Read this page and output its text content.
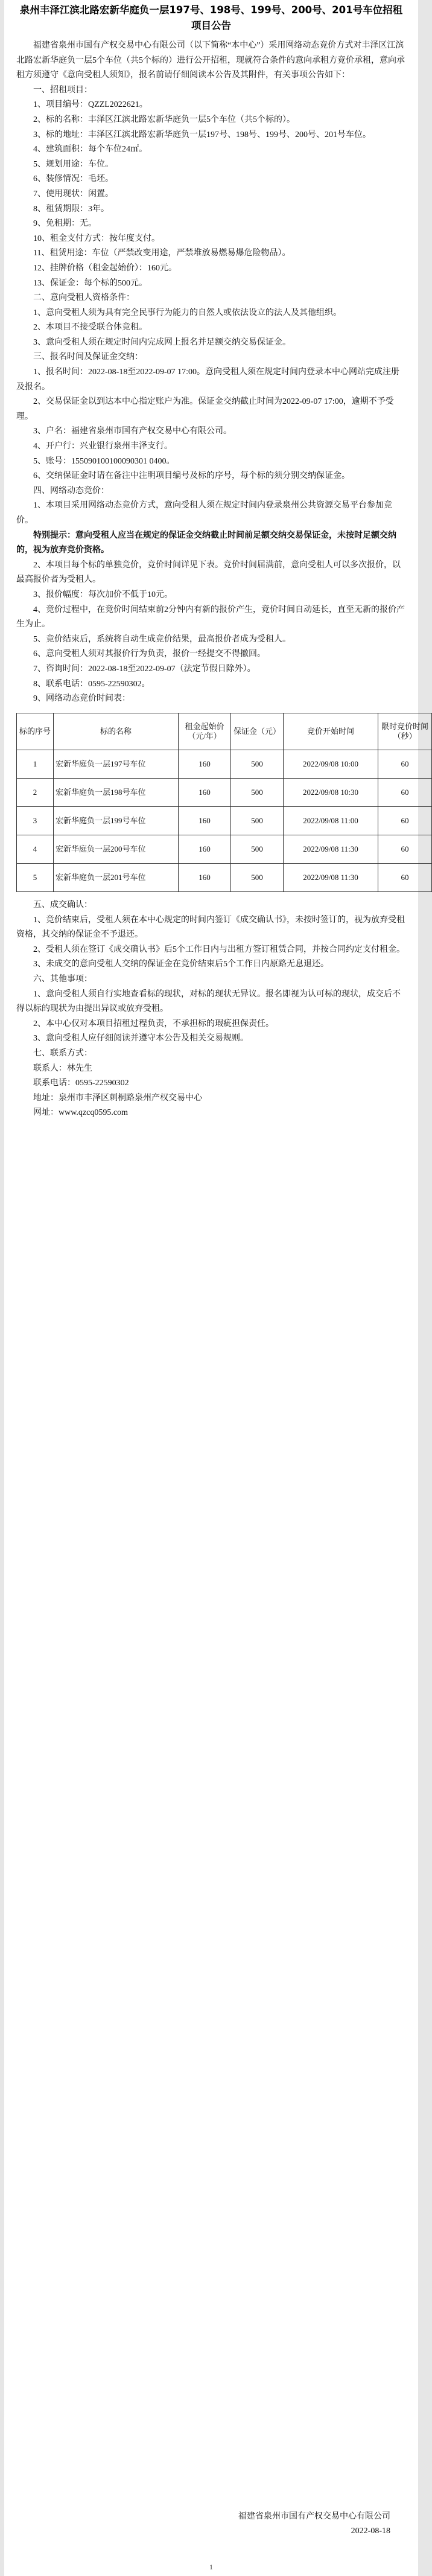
泉州丰泽江滨北路宏新华庭负一层197号、198号、199号、200号、201号车位招租项目公告

福建省泉州市国有产权交易中心有限公司（以下简称“本中心”）采用网络动态竞价方式对丰泽区江滨北路宏新华庭负一层5个车位（共5个标的）进行公开招租，现就符合条件的意向承租方竞价承租，意向承租方须遵守《意向受租人须知》，报名前请仔细阅读本公告及其附件，有关事项公告如下：

一、招租项目：

1、项目编号：QZZL2022621。

2、标的名称：丰泽区江滨北路宏新华庭负一层5个车位（共5个标的）。

3、标的地址：丰泽区江滨北路宏新华庭负一层197号、198号、199号、200号、201号车位。

4、建筑面积：每个车位24㎡。

5、规划用途：车位。

6、装修情况：毛坯。

7、使用现状：闲置。

8、租赁期限：3年。

9、免租期：无。

10、租金支付方式：按年度支付。

11、租赁用途：车位（严禁改变用途，严禁堆放易燃易爆危险物品）。

12、挂牌价格（租金起始价）：160元。

13、保证金：每个标的500元。

二、意向受租人资格条件：

1、意向受租人须为具有完全民事行为能力的自然人或依法设立的法人及其他组织。

2、本项目不接受联合体竞租。

3、意向受租人须在规定时间内完成网上报名并足额交纳交易保证金。

三、报名时间及保证金交纳：

1、报名时间：2022-08-18至2022-09-07 17:00。意向受租人须在规定时间内登录本中心网站完成注册及报名。

2、交易保证金以到达本中心指定账户为准。保证金交纳截止时间为2022-09-07 17:00，逾期不予受理。

3、户名：福建省泉州市国有产权交易中心有限公司。

4、开户行：兴业银行泉州丰泽支行。

5、账号：155090100100090301 0400。

6、交纳保证金时请在备注中注明项目编号及标的序号，每个标的须分别交纳保证金。

四、网络动态竞价：

1、本项目采用网络动态竞价方式，意向受租人须在规定时间内登录泉州公共资源交易平台参加竞价。

特别提示：意向受租人应当在规定的保证金交纳截止时间前足额交纳交易保证金，未按时足额交纳的，视为放弃竞价资格。

2、本项目每个标的单独竞价，竞价时间详见下表。竞价时间届满前，意向受租人可以多次报价，以最高报价者为受租人。

3、报价幅度：每次加价不低于10元。

4、竞价过程中，在竞价时间结束前2分钟内有新的报价产生，竞价时间自动延长，直至无新的报价产生为止。

5、竞价结束后，系统将自动生成竞价结果，最高报价者成为受租人。

6、意向受租人须对其报价行为负责，报价一经提交不得撤回。

7、咨询时间：2022-08-18至2022-09-07（法定节假日除外）。

8、联系电话：0595-22590302。

9、网络动态竞价时间表：

标的序号	标的名称	租金起始价（元/年）	保证金（元）	竞价开始时间	限时竞价时间（秒）
1	宏新华庭负一层197号车位	160	500	2022/09/08 10:00	60
2	宏新华庭负一层198号车位	160	500	2022/09/08 10:30	60
3	宏新华庭负一层199号车位	160	500	2022/09/08 11:00	60
4	宏新华庭负一层200号车位	160	500	2022/09/08 11:30	60
5	宏新华庭负一层201号车位	160	500	2022/09/08 11:30	60

五、成交确认：

1、竞价结束后，受租人须在本中心规定的时间内签订《成交确认书》，未按时签订的，视为放弃受租资格，其交纳的保证金不予退还。

2、受租人须在签订《成交确认书》后5个工作日内与出租方签订租赁合同，并按合同约定支付租金。

3、未成交的意向受租人交纳的保证金在竞价结束后5个工作日内原路无息退还。

六、其他事项：

1、意向受租人须自行实地查看标的现状，对标的现状无异议。报名即视为认可标的现状，成交后不得以标的现状为由提出异议或放弃受租。

2、本中心仅对本项目招租过程负责，不承担标的瑕疵担保责任。

3、意向受租人应仔细阅读并遵守本公告及相关交易规则。

七、联系方式：

联系人：林先生

联系电话：0595-22590302

地址：泉州市丰泽区刺桐路泉州产权交易中心

网址：www.qzcq0595.com

福建省泉州市国有产权交易中心有限公司
2022-08-18
1
